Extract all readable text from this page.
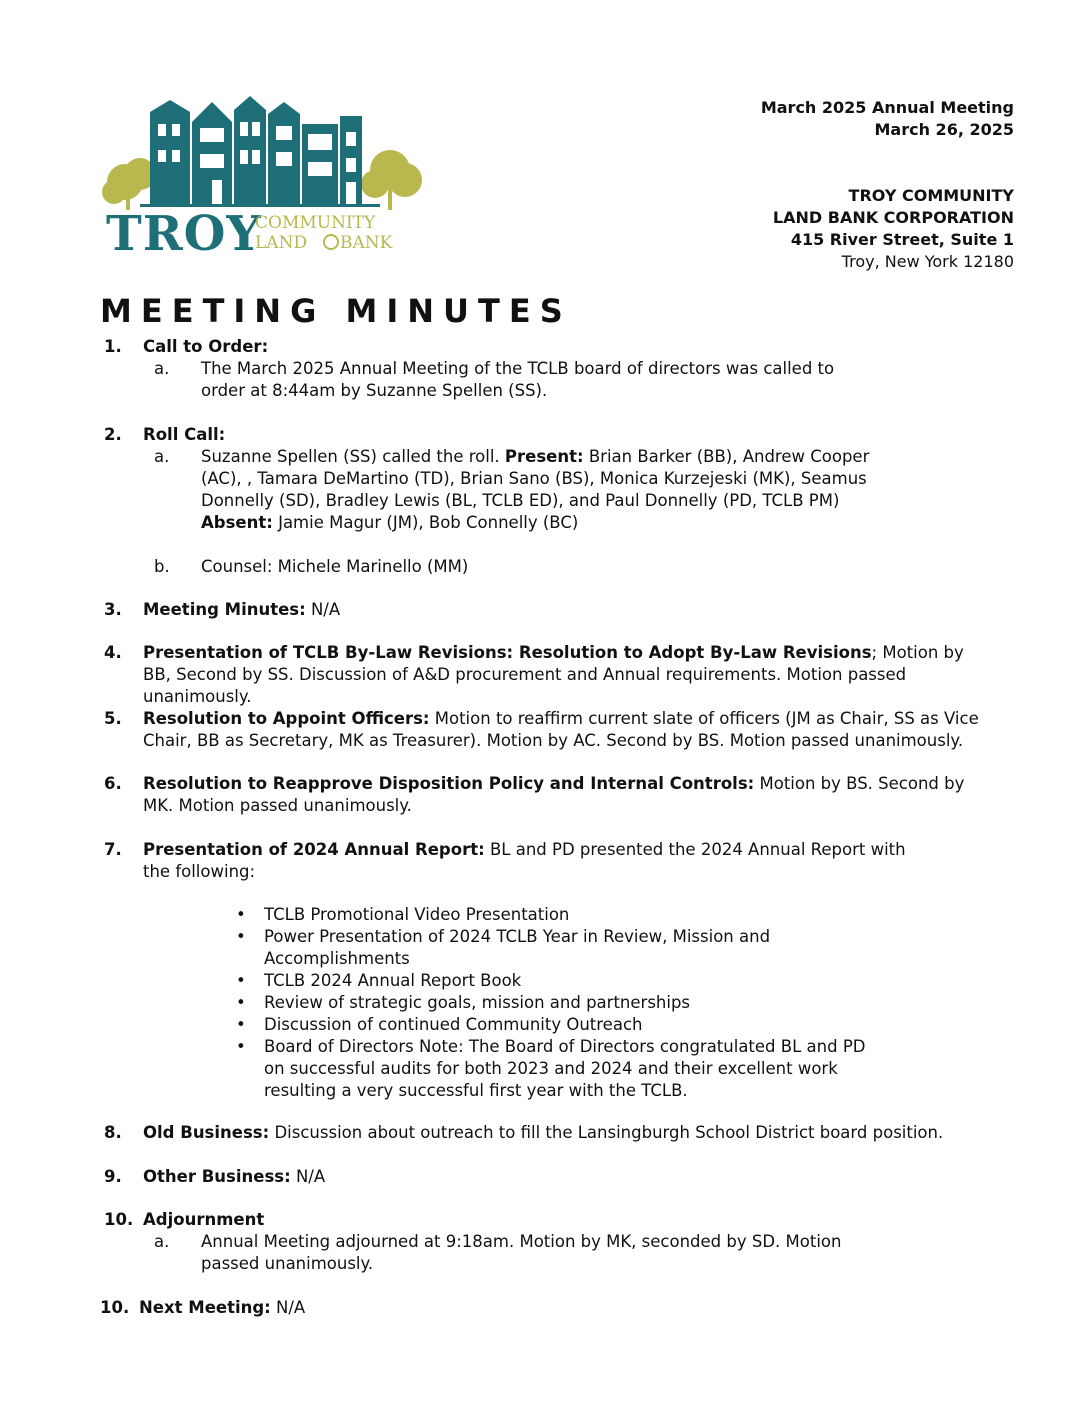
TROY
COMMUNITY
LAND BANK
March 2025 Annual Meeting
March 26, 2025
TROY COMMUNITY
LAND BANK CORPORATION
415 River Street, Suite 1
Troy, New York 12180
MEETING MINUTES
1.	Call to Order:
a. The March 2025 Annual Meeting of the TCLB board of directors was called to order at 8:44am by Suzanne Spellen (SS).
2.	Roll Call:
a. Suzanne Spellen (SS) called the roll. Present: Brian Barker (BB), Andrew Cooper (AC), , Tamara DeMartino (TD), Brian Sano (BS), Monica Kurzejeski (MK), Seamus Donnelly (SD), Bradley Lewis (BL, TCLB ED), and Paul Donnelly (PD, TCLB PM)
Absent: Jamie Magur (JM), Bob Connelly (BC)
b. Counsel: Michele Marinello (MM)
3.	Meeting Minutes: N/A
4.	Presentation of TCLB By-Law Revisions: Resolution to Adopt By-Law Revisions; Motion by BB, Second by SS. Discussion of A&D procurement and Annual requirements. Motion passed unanimously.
5.	Resolution to Appoint Officers: Motion to reaffirm current slate of officers (JM as Chair, SS as Vice Chair, BB as Secretary, MK as Treasurer). Motion by AC. Second by BS. Motion passed unanimously.
6.	Resolution to Reapprove Disposition Policy and Internal Controls: Motion by BS. Second by MK. Motion passed unanimously.
7.	Presentation of 2024 Annual Report: BL and PD presented the 2024 Annual Report with the following:
• TCLB Promotional Video Presentation
• Power Presentation of 2024 TCLB Year in Review, Mission and Accomplishments
• TCLB 2024 Annual Report Book
• Review of strategic goals, mission and partnerships
• Discussion of continued Community Outreach
• Board of Directors Note: The Board of Directors congratulated BL and PD on successful audits for both 2023 and 2024 and their excellent work resulting a very successful first year with the TCLB.
8.	Old Business: Discussion about outreach to fill the Lansingburgh School District board position.
9.	Other Business: N/A
10. Adjournment
a. Annual Meeting adjourned at 9:18am. Motion by MK, seconded by SD. Motion passed unanimously.
10. Next Meeting: N/A
